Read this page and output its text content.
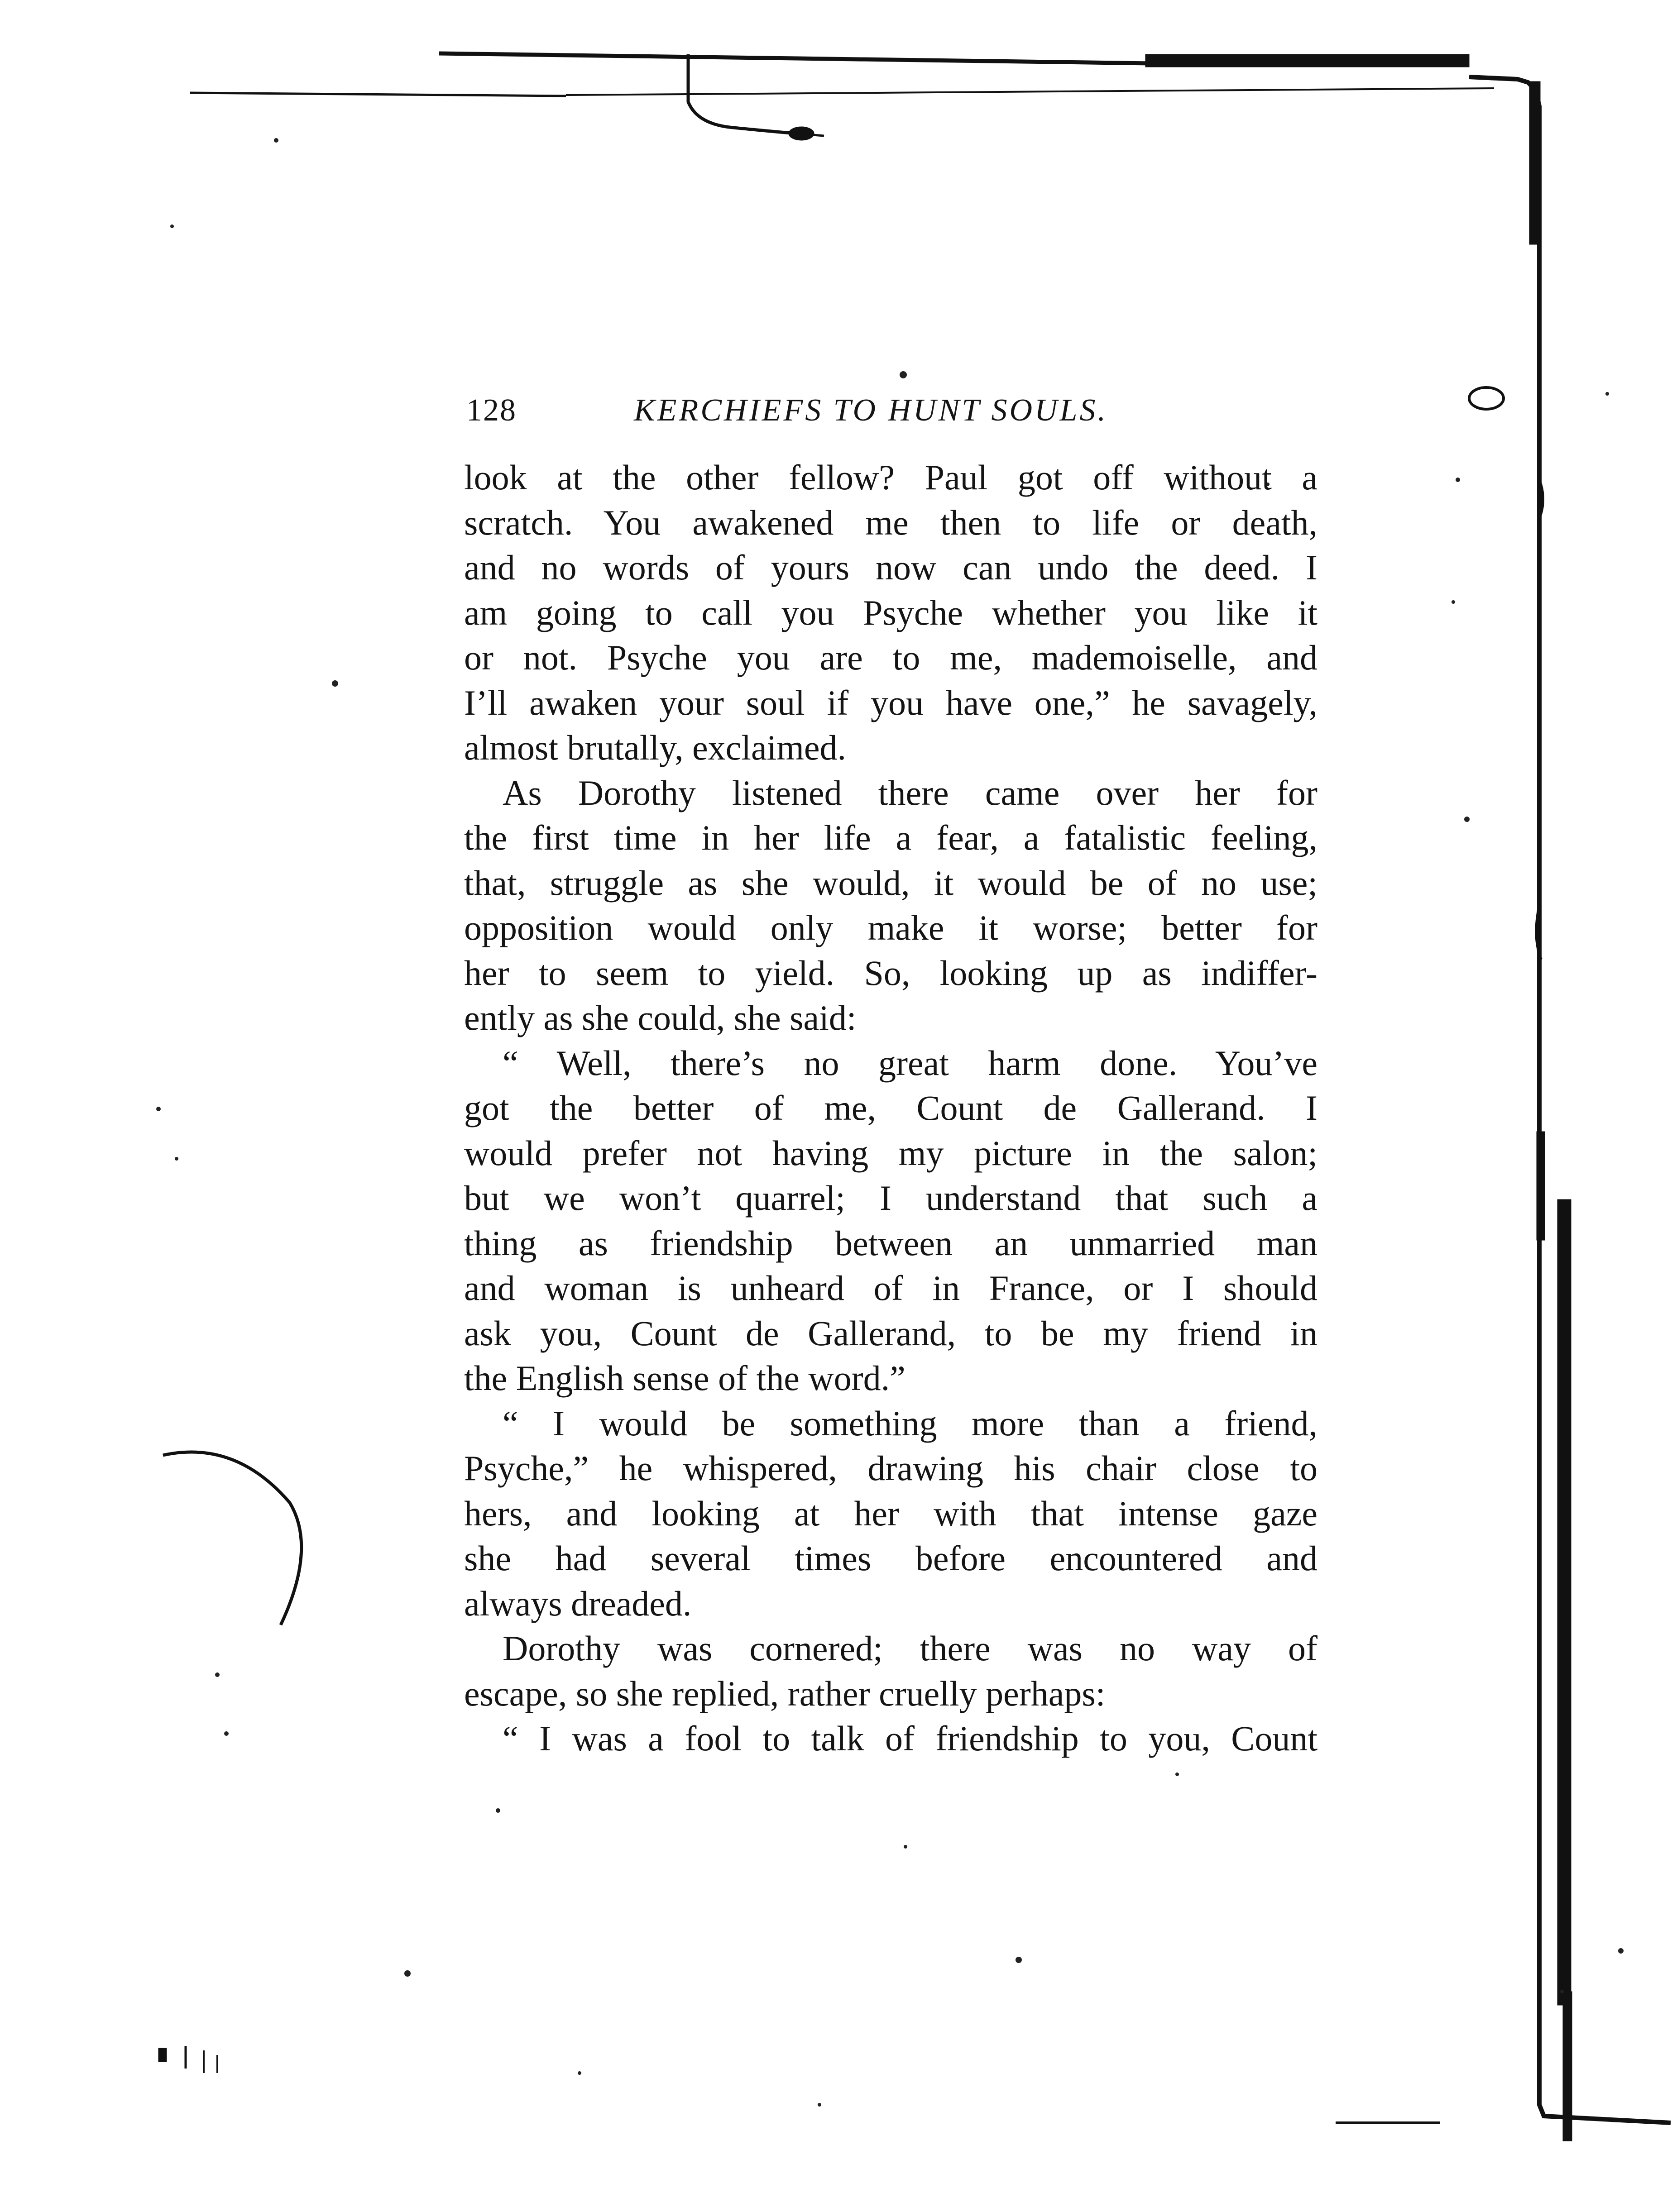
128	KERCHIEFS TO HUNT SOULS.
look at the other fellow? Paul got off without a
scratch. You awakened me then to life or death,
and no words of yours now can undo the deed. I
am going to call you Psyche whether you like it
or not. Psyche you are to me, mademoiselle, and
I’ll awaken your soul if you have one,” he savagely,
almost brutally, exclaimed.
As Dorothy listened there came over her for
the first time in her life a fear, a fatalistic feeling,
that, struggle as she would, it would be of no use;
opposition would only make it worse; better for
her to seem to yield. So, looking up as indiffer-
ently as she could, she said:
“ Well, there’s no great harm done. You’ve
got the better of me, Count de Gallerand. I
would prefer not having my picture in the salon;
but we won’t quarrel; I understand that such a
thing as friendship between an unmarried man
and woman is unheard of in France, or I should
ask you, Count de Gallerand, to be my friend in
the English sense of the word.”
“ I would be something more than a friend,
Psyche,” he whispered, drawing his chair close to
hers, and looking at her with that intense gaze
she had several times before encountered and
always dreaded.
Dorothy was cornered; there was no way of
escape, so she replied, rather cruelly perhaps:
“ I was a fool to talk of friendship to you, Count
